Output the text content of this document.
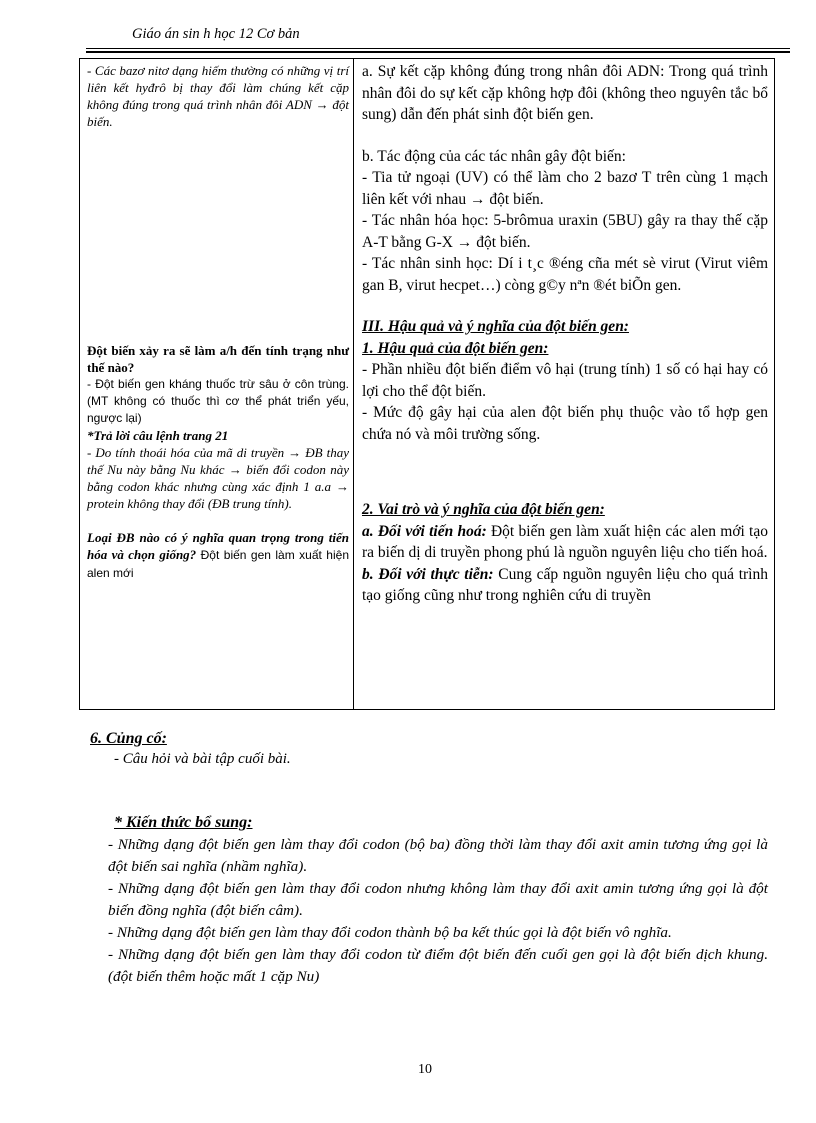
Giáo án sin h học 12 Cơ bản

- Các bazơ nitơ dạng hiếm thường có những vị trí liên kết hyđrô bị thay đổi làm chúng kết cặp không đúng trong quá trình nhân đôi ADN → đột biến.

Đột biến xảy ra sẽ làm a/h đến tính trạng như thế nào?

- Đột biến gen kháng thuốc trừ sâu ở côn trùng. (MT không có thuốc thì cơ thể phát triển yếu, ngược lại)

*Trả lời câu lệnh trang 21

- Do tính thoái hóa của mã di truyền → ĐB thay thế Nu này bằng Nu khác → biến đổi codon này bằng codon khác nhưng cùng xác định 1 a.a → protein không thay đổi (ĐB trung tính).

Loại ĐB nào có ý nghĩa quan trọng trong tiến hóa và chọn giống? Đột biến gen làm xuất hiện alen mới

a. Sự kết cặp không đúng trong nhân đôi ADN: Trong quá trình nhân đôi do sự kết cặp không hợp đôi (không theo nguyên tắc bổ sung) dẫn đến phát sinh đột biến gen.

b. Tác động của các tác nhân gây đột biến:

- Tia tử ngoại (UV) có thể làm cho 2 bazơ T trên cùng 1 mạch liên kết với nhau → đột biến.

- Tác nhân hóa học: 5-brômua uraxin (5BU) gây ra thay thế cặp A-T bằng G-X → đột biến.

- Tác nhân sinh học: Dí i t¸c ®éng cña mét sè virut (Virut viêm gan B, virut hecpet…) còng g©y nªn ®ét biÕn gen.

III. Hậu quả và ý nghĩa của đột biến gen:

1. Hậu quả của đột biến gen:

- Phần nhiều đột biến điểm vô hại (trung tính) 1 số có hại hay có lợi cho thể đột biến.

- Mức độ gây hại của alen đột biến phụ thuộc vào tổ hợp gen chứa nó và môi trường sống.

2. Vai trò và ý nghĩa của đột biến gen:

a. Đối với tiến hoá: Đột biến gen làm xuất hiện các alen mới tạo ra biến dị di truyền phong phú là nguồn nguyên liệu cho tiến hoá.

b. Đối với thực tiễn: Cung cấp nguồn nguyên liệu cho quá trình tạo giống cũng như trong nghiên cứu di truyền

6. Củng cố:
- Câu hỏi và bài tập cuối bài.
* Kiến thức bổ sung:

- Những dạng đột biến gen làm thay đổi codon (bộ ba) đồng thời làm thay đổi axit amin tương ứng gọi là đột biến sai nghĩa (nhầm nghĩa).

- Những dạng đột biến gen làm thay đổi codon nhưng không làm thay đổi axit amin tương ứng gọi là đột biến đồng nghĩa (đột biến câm).

- Những dạng đột biến gen làm thay đổi codon thành bộ ba kết thúc gọi là đột biến vô nghĩa.

- Những dạng đột biến gen làm thay đổi codon từ điểm đột biến đến cuối gen gọi là đột biến dịch khung. (đột biến thêm hoặc mất 1 cặp Nu)

10
